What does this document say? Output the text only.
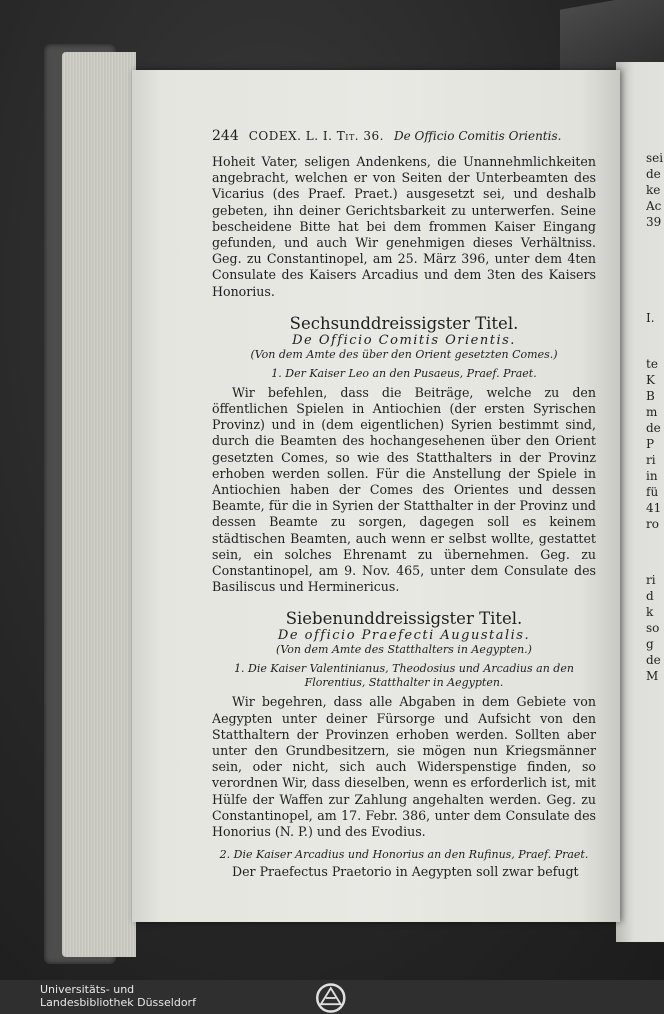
244 CODEX. L. I. Tit. 36. De Officio Comitis Orientis.

Hoheit Vater, seligen Andenkens, die Unannehmlichkeiten angebracht, welchen er von Seiten der Unterbeamten des Vicarius (des Praef. Praet.) ausgesetzt sei, und deshalb gebeten, ihn deiner Gerichtsbarkeit zu unterwerfen. Seine bescheidene Bitte hat bei dem frommen Kaiser Eingang gefunden, und auch Wir genehmigen dieses Verhältniss. Geg. zu Constantinopel, am 25. März 396, unter dem 4ten Consulate des Kaisers Arcadius und dem 3ten des Kaisers Honorius.

Sechsunddreissigster Titel.
De Officio Comitis Orientis.
(Von dem Amte des über den Orient gesetzten Comes.)
1. Der Kaiser Leo an den Pusaeus, Praef. Praet.

Wir befehlen, dass die Beiträge, welche zu den öffentlichen Spielen in Antiochien (der ersten Syrischen Provinz) und in (dem eigentlichen) Syrien bestimmt sind, durch die Beamten des hochangesehenen über den Orient gesetzten Comes, so wie des Statthalters in der Provinz erhoben werden sollen. Für die Anstellung der Spiele in Antiochien haben der Comes des Orientes und dessen Beamte, für die in Syrien der Statthalter in der Provinz und dessen Beamte zu sorgen, dagegen soll es keinem städtischen Beamten, auch wenn er selbst wollte, gestattet sein, ein solches Ehrenamt zu übernehmen. Geg. zu Constantinopel, am 9. Nov. 465, unter dem Consulate des Basiliscus und Herminericus.

Siebenunddreissigster Titel.
De officio Praefecti Augustalis.
(Von dem Amte des Statthalters in Aegypten.)
1. Die Kaiser Valentinianus, Theodosius und Arcadius an den Florentius, Statthalter in Aegypten.

Wir begehren, dass alle Abgaben in dem Gebiete von Aegypten unter deiner Fürsorge und Aufsicht von den Statthaltern der Provinzen erhoben werden. Sollten aber unter den Grundbesitzern, sie mögen nun Kriegsmänner sein, oder nicht, sich auch Widerspenstige finden, so verordnen Wir, dass dieselben, wenn es erforderlich ist, mit Hülfe der Waffen zur Zahlung angehalten werden. Geg. zu Constantinopel, am 17. Febr. 386, unter dem Consulate des Honorius (N. P.) und des Evodius.

2. Die Kaiser Arcadius und Honorius an den Rufinus, Praef. Praet.

Der Praefectus Praetorio in Aegypten soll zwar befugt

sei
de
ke
Ac
39
I.
te
K
B
m
de
P
ri
in
fü
41
ro
ri
d
k
so
g
de
M
Universitäts- und
Landesbibliothek Düsseldorf
